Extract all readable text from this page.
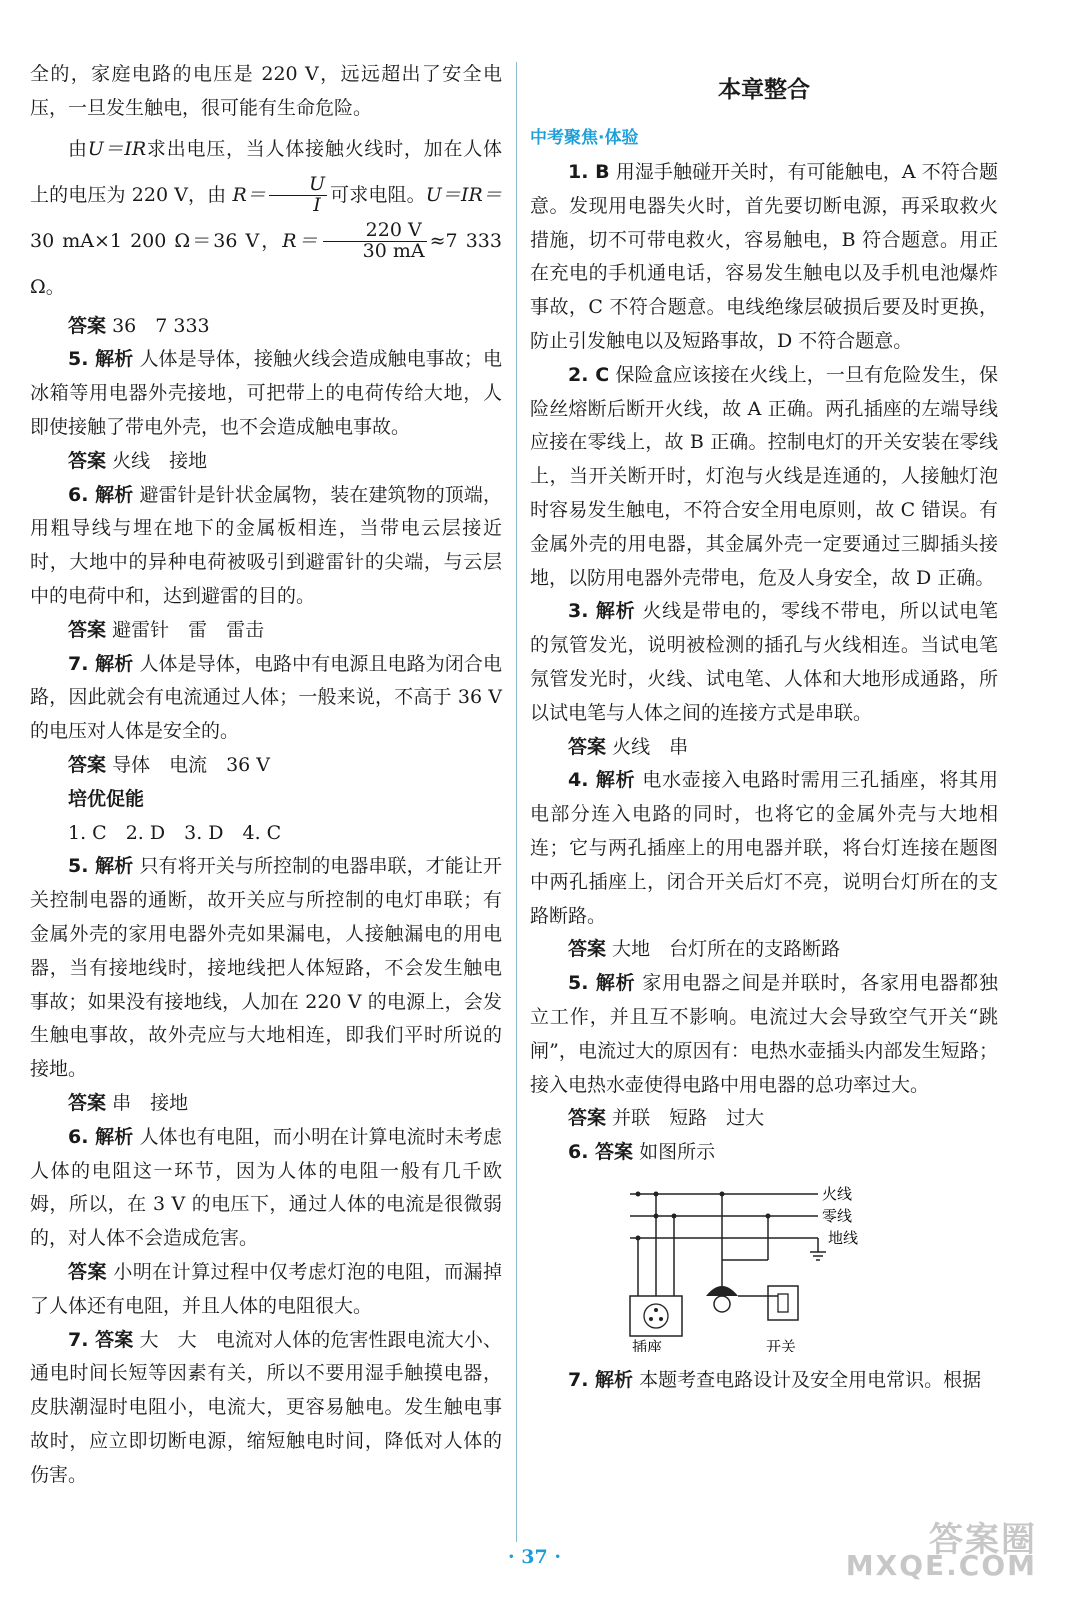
全的，家庭电路的电压是 220 V，远远超出了安全电压，一旦发生触电，很可能有生命危险。

由U＝IR求出电压，当人体接触火线时，加在人体上的电压为 220 V，由 $R= \frac{U}{I}$ 可求电阻。U＝IR＝ 30 mA×1 200 Ω＝36 V，$R= \frac{220 V}{30 mA} \approx 7$ 333 Ω。

答案 36　7 333

5. 解析 人体是导体，接触火线会造成触电事故；电冰箱等用电器外壳接地，可把带上的电荷传给大地，人即使接触了带电外壳，也不会造成触电事故。

答案 火线　接地

6. 解析 避雷针是针状金属物，装在建筑物的顶端，用粗导线与埋在地下的金属板相连，当带电云层接近时，大地中的异种电荷被吸引到避雷针的尖端，与云层中的电荷中和，达到避雷的目的。

答案 避雷针　雷　雷击

7. 解析 人体是导体，电路中有电源且电路为闭合电路，因此就会有电流通过人体；一般来说，不高于 36 V 的电压对人体是安全的。

答案 导体　电流　36 V

培优促能

1. C　2. D　3. D　4. C

5. 解析 只有将开关与所控制的电器串联，才能让开关控制电器的通断，故开关应与所控制的电灯串联；有金属外壳的家用电器外壳如果漏电，人接触漏电的用电器，当有接地线时，接地线把人体短路，不会发生触电事故；如果没有接地线，人加在 220 V 的电源上，会发生触电事故，故外壳应与大地相连，即我们平时所说的接地。

答案 串　接地

6. 解析 人体也有电阻，而小明在计算电流时未考虑人体的电阻这一环节，因为人体的电阻一般有几千欧姆，所以，在 3 V 的电压下，通过人体的电流是很微弱的，对人体不会造成危害。

答案 小明在计算过程中仅考虑灯泡的电阻，而漏掉了人体还有电阻，并且人体的电阻很大。

7. 答案 大　大　电流对人体的危害性跟电流大小、通电时间长短等因素有关，所以不要用湿手触摸电器，皮肤潮湿时电阻小，电流大，更容易触电。发生触电事故时，应立即切断电源，缩短触电时间，降低对人体的伤害。

本章整合
中考聚焦·体验

1. B 用湿手触碰开关时，有可能触电，A 不符合题意。发现用电器失火时，首先要切断电源，再采取救火措施，切不可带电救火，容易触电，B 符合题意。用正在充电的手机通电话，容易发生触电以及手机电池爆炸事故，C 不符合题意。电线绝缘层破损后要及时更换，防止引发触电以及短路事故，D 不符合题意。

2. C 保险盒应该接在火线上，一旦有危险发生，保险丝熔断后断开火线，故 A 正确。两孔插座的左端导线应接在零线上，故 B 正确。控制电灯的开关安装在零线上，当开关断开时，灯泡与火线是连通的，人接触灯泡时容易发生触电，不符合安全用电原则，故 C 错误。有金属外壳的用电器，其金属外壳一定要通过三脚插头接地，以防用电器外壳带电，危及人身安全，故 D 正确。

3. 解析 火线是带电的，零线不带电，所以试电笔的氖管发光，说明被检测的插孔与火线相连。当试电笔氖管发光时，火线、试电笔、人体和大地形成通路，所以试电笔与人体之间的连接方式是串联。

答案 火线　串

4. 解析 电水壶接入电路时需用三孔插座，将其用电部分连入电路的同时，也将它的金属外壳与大地相连；它与两孔插座上的用电器并联，将台灯连接在题图中两孔插座上，闭合开关后灯不亮，说明台灯所在的支路断路。

答案 大地　台灯所在的支路断路

5. 解析 家用电器之间是并联时，各家用电器都独立工作，并且互不影响。电流过大会导致空气开关“跳闸”，电流过大的原因有：电热水壶插头内部发生短路；接入电热水壶使得电路中用电器的总功率过大。

答案 并联　短路　过大

6. 答案 如图所示

火线
零线
地线
插座	开关

7. 解析 本题考查电路设计及安全用电常识。根据

· 37 ·	答案圈
MXQE.COM
